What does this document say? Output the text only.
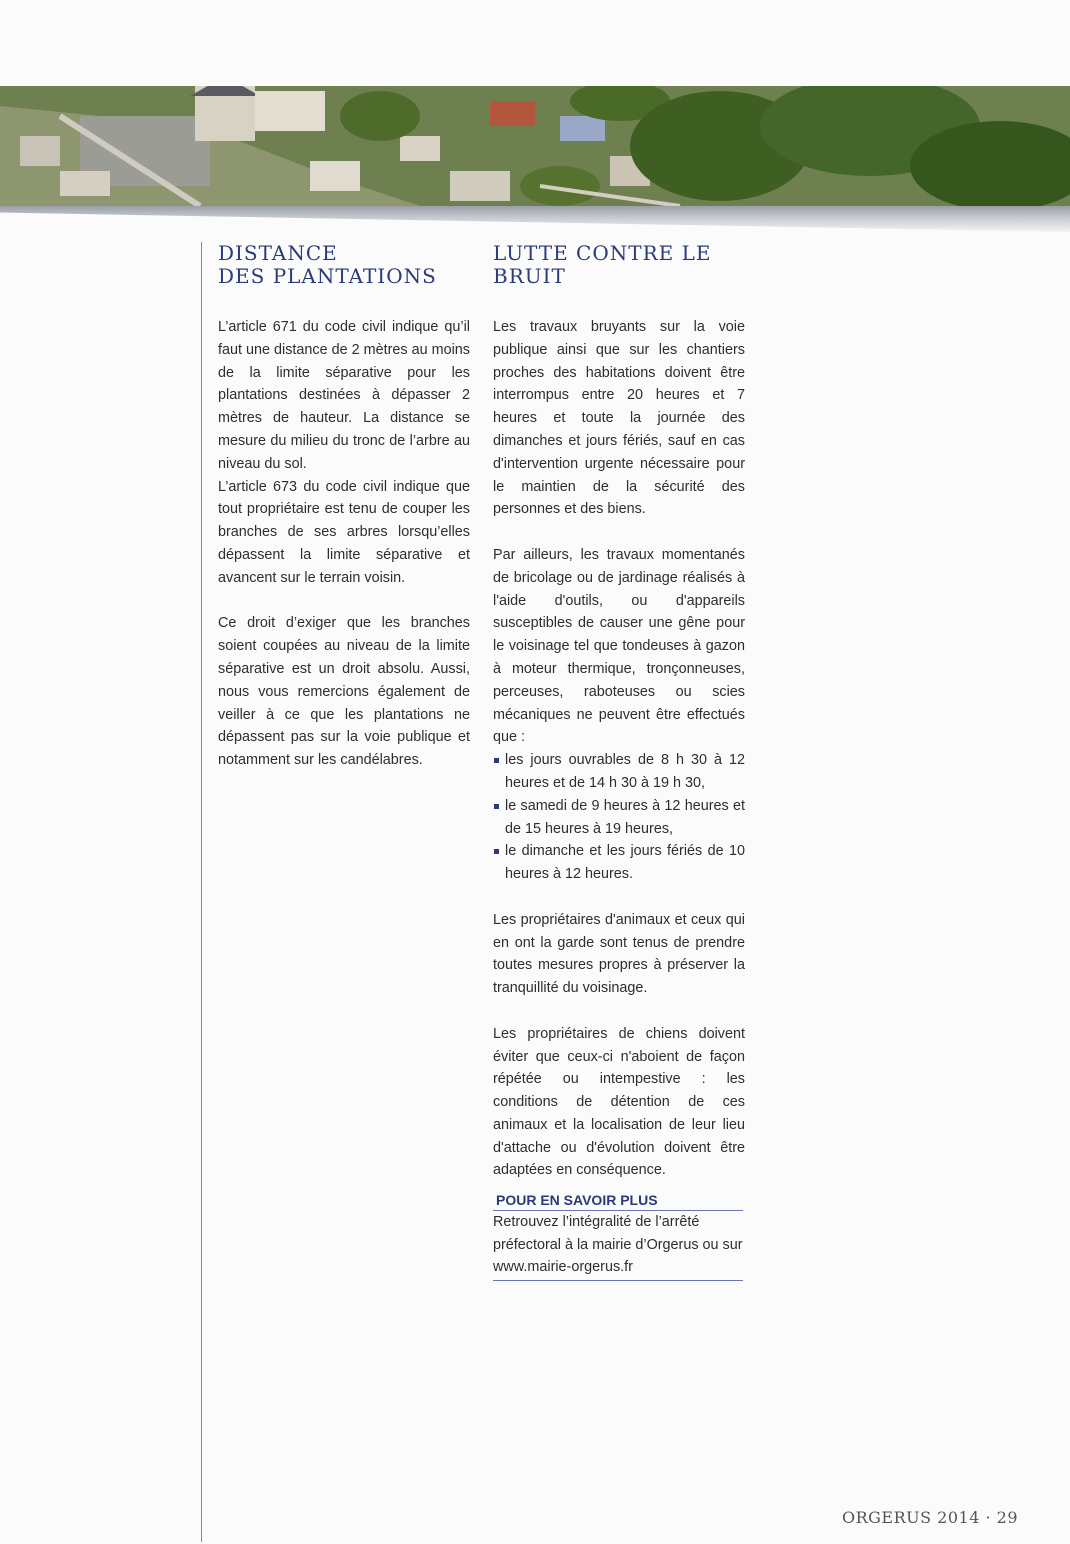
DISTANCE
DES PLANTATIONS

L’article 671 du code civil indique qu’il faut une distance de 2 mètres au moins de la limite séparative pour les plantations destinées à dépasser 2 mètres de hauteur. La distance se mesure du milieu du tronc de l’arbre au niveau du sol.

L’article 673 du code civil indique que tout propriétaire est tenu de couper les branches de ses arbres lorsqu’elles dépassent la limite séparative et avancent sur le terrain voisin.

Ce droit d’exiger que les branches soient coupées au niveau de la limite séparative est un droit absolu. Aussi, nous vous remercions également de veiller à ce que les plantations ne dépassent pas sur la voie publique et notamment sur les candélabres.

LUTTE CONTRE LE
BRUIT

Les travaux bruyants sur la voie publique ainsi que sur les chantiers proches des habitations doivent être interrompus entre 20 heures et 7 heures et toute la journée des dimanches et jours fériés, sauf en cas d'intervention urgente nécessaire pour le maintien de la sécurité des personnes et des biens.

Par ailleurs, les travaux momentanés de bricolage ou de jardinage réalisés à l'aide d'outils, ou d'appareils susceptibles de causer une gêne pour le voisinage tel que tondeuses à gazon à moteur thermique, tronçonneuses, perceuses, raboteuses ou scies mécaniques ne peuvent être effectués que :

les jours ouvrables de 8 h 30 à 12 heures et de 14 h 30 à 19 h 30,
le samedi de 9 heures à 12 heures et de 15 heures à 19 heures,
le dimanche et les jours fériés de 10 heures à 12 heures.

Les propriétaires d'animaux et ceux qui en ont la garde sont tenus de prendre toutes mesures propres à préserver la tranquillité du voisinage.

Les propriétaires de chiens doivent éviter que ceux-ci n'aboient de façon répétée ou intempestive : les conditions de détention de ces animaux et la localisation de leur lieu d'attache ou d'évolution doivent être adaptées en conséquence.

POUR EN SAVOIR PLUS
Retrouvez l’intégralité de l’arrêté préfectoral à la mairie d’Orgerus ou sur www.mairie-orgerus.fr
ORGERUS 2014 · 29
